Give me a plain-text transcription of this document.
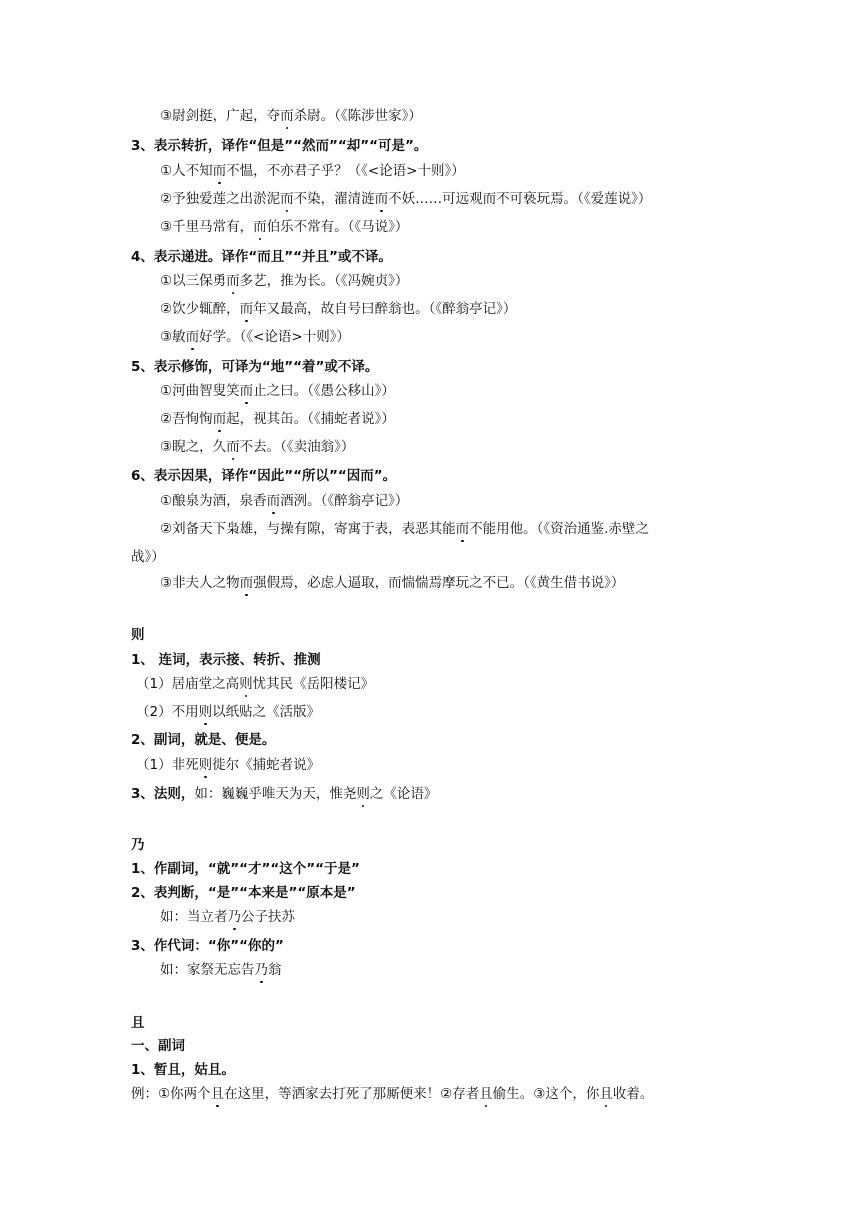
③尉剑挺，广起，夺而杀尉。（《陈涉世家》）
3、表示转折，译作“但是”“然而”“却”“可是”。
①人不知而不愠，不亦君子乎？（《<论语>十则》）
②予独爱莲之出淤泥而不染，濯清涟而不妖……可远观而不可亵玩焉。（《爱莲说》）
③千里马常有，而伯乐不常有。（《马说》）
4、表示递进。译作“而且”“并且”或不译。
①以三保勇而多艺，推为长。（《冯婉贞》）
②饮少辄醉，而年又最高，故自号曰醉翁也。（《醉翁亭记》）
③敏而好学。（《<论语>十则》）
5、表示修饰，可译为“地”“着”或不译。
①河曲智叟笑而止之曰。（《愚公移山》）
②吾恂恂而起，视其缶。（《捕蛇者说》）
③睨之，久而不去。（《卖油翁》）
6、表示因果，译作“因此”“所以”“因而”。
①酿泉为酒，泉香而酒洌。（《醉翁亭记》）
②刘备天下枭雄，与操有隙，寄寓于表，表恶其能而不能用他。（《资治通鉴.赤壁之
战》）
③非夫人之物而强假焉，必虑人逼取，而惴惴焉摩玩之不已。（《黄生借书说》）
则
1、 连词，表示接、转折、推测
（1）居庙堂之高则忧其民《岳阳楼记》
（2）不用则以纸贴之《活版》
2、副词，就是、便是。
（1）非死则徙尔《捕蛇者说》
3、法则，如：巍巍乎唯天为天，惟尧则之《论语》
乃
1、作副词，“就”“才”“这个”“于是”
2、表判断，“是”“本来是”“原本是”
如：当立者乃公子扶苏
3、作代词：“你”“你的”
如：家祭无忘告乃翁
且
一、副词
1、暂且，姑且。
例：①你两个且在这里，等洒家去打死了那厮便来！②存者且偷生。③这个，你且收着。
